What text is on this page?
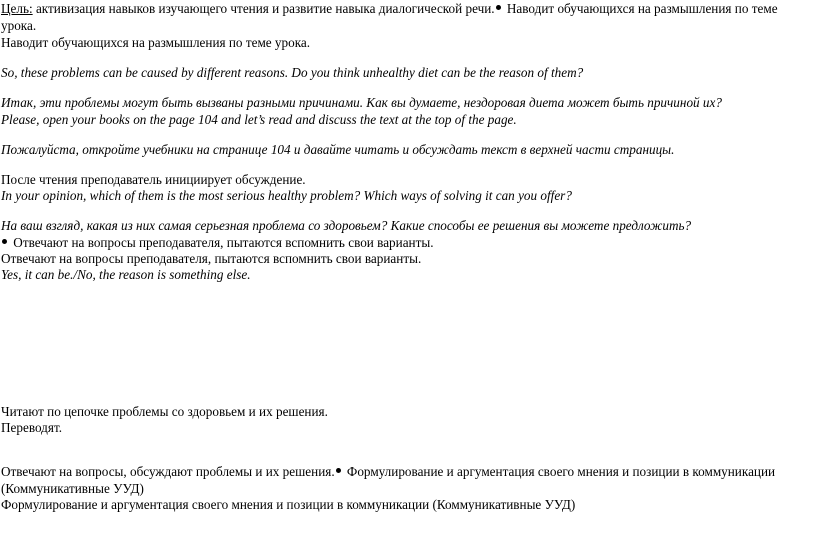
Цель: активизация навыков изучающего чтения и развитие навыка диалогической речи. Наводит обучающихся на размышления по теме
урока.
Наводит обучающихся на размышления по теме урока.
So, these problems can be caused by different reasons. Do you think unhealthy diet can be the reason of them?
Итак, эти проблемы могут быть вызваны разными причинами. Как вы думаете, нездоровая диета может быть причиной их?
Please, open your books on the page 104 and let’s read and discuss the text at the top of the page.
Пожалуйста, откройте учебники на странице 104 и давайте читать и обсуждать текст в верхней части страницы.
После чтения преподаватель инициирует обсуждение.
In your opinion, which of them is the most serious healthy problem? Which ways of solving it can you offer?
На ваш взгляд, какая из них самая серьезная проблема со здоровьем? Какие способы ее решения вы можете предложить?
Отвечают на вопросы преподавателя, пытаются вспомнить свои варианты.
Отвечают на вопросы преподавателя, пытаются вспомнить свои варианты.
Yes, it can be./No, the reason is something else.
Читают по цепочке проблемы со здоровьем и их решения.
Переводят.
Отвечают на вопросы, обсуждают проблемы и их решения. Формулирование и аргументация своего мнения и позиции в коммуникации
(Коммуникативные УУД)
Формулирование и аргументация своего мнения и позиции в коммуникации (Коммуникативные УУД)
